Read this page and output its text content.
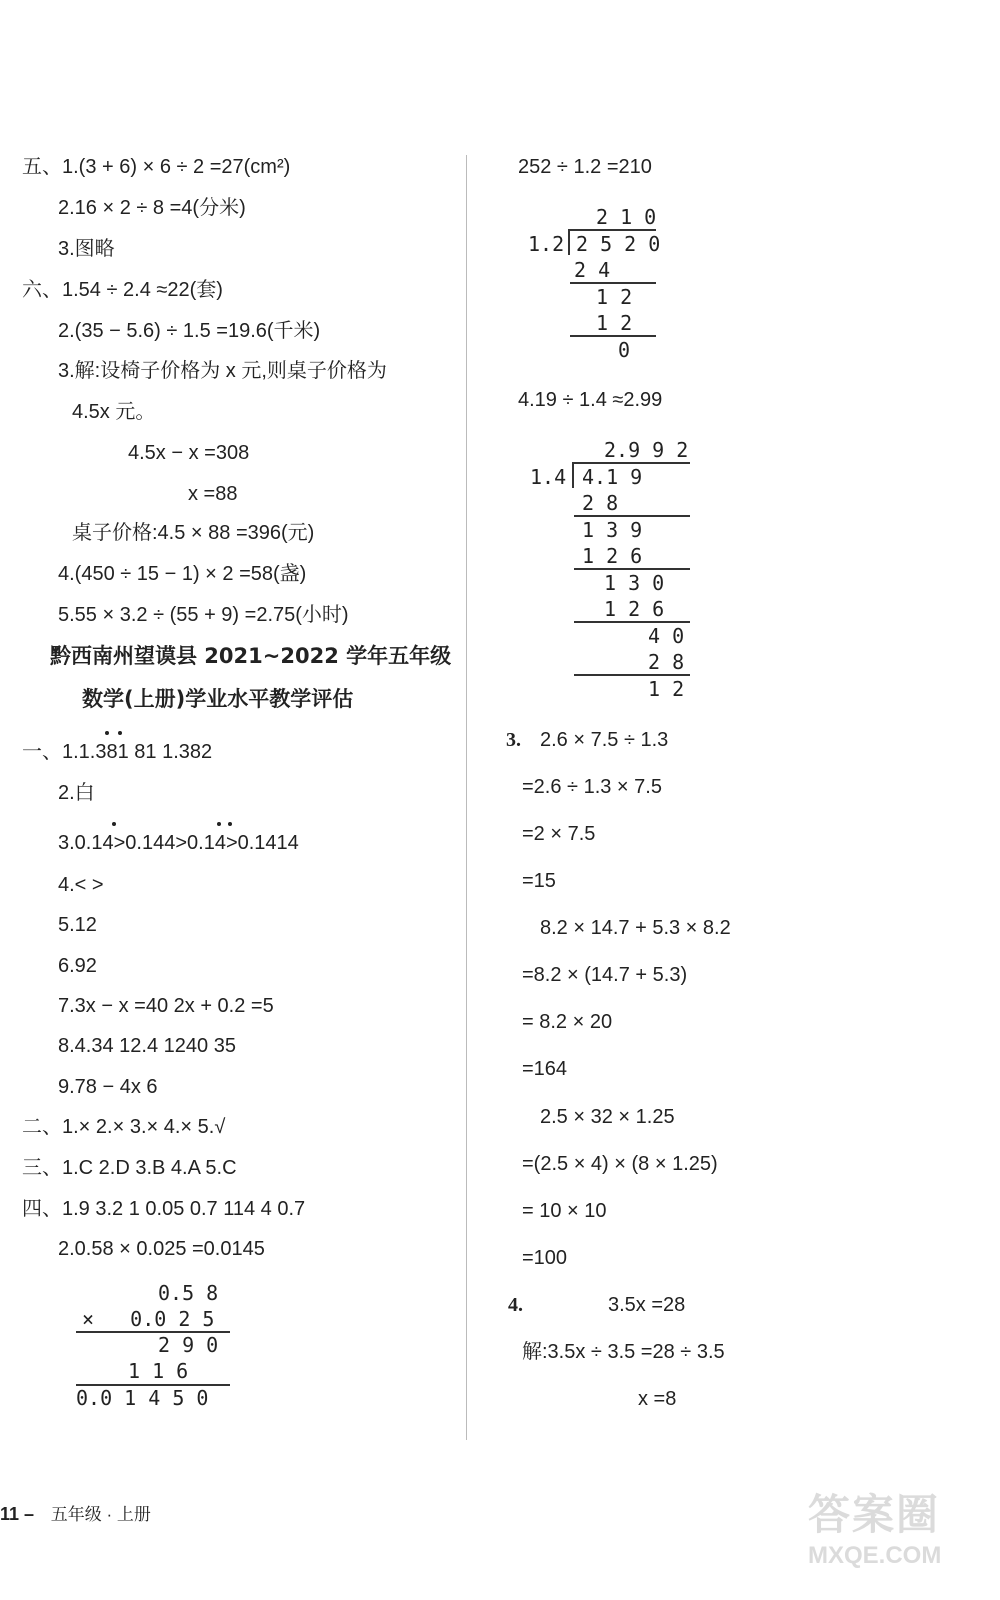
五、1.(3 + 6) × 6 ÷ 2 =27(cm²)
2.16 × 2 ÷ 8 =4(分米)
3.图略
六、1.54 ÷ 2.4 ≈22(套)
2.(35 − 5.6) ÷ 1.5 =19.6(千米)
3.解:设椅子价格为 x 元,则桌子价格为
4.5x 元。
4.5x − x =308
x =88
桌子价格:4.5 × 88 =396(元)
4.(450 ÷ 15 − 1) × 2 =58(盏)
5.55 × 3.2 ÷ (55 + 9) =2.75(小时)
黔西南州望谟县 2021~2022 学年五年级
数学(上册)学业水平教学评估
一、1.1.381 81 1.382
2.白
3.0.14>0.144>0.14>0.1414
4.< >
5.12
6.92
7.3x − x =40 2x + 0.2 =5
8.4.34 12.4 1240 35
9.78 − 4x 6
二、1.× 2.× 3.× 4.× 5.√
三、1.C 2.D 3.B 4.A 5.C
四、1.9 3.2 1 0.05 0.7 114 4 0.7
2.0.58 × 0.025 =0.0145
0.5 8
×   0.0 2 5
2 9 0
1 1 6
0.0 1 4 5 0
252 ÷ 1.2 =210
2 1 0
1.2 2 5 2 0
2 4
1 2
1 2
0
4.19 ÷ 1.4 ≈2.99
2.9 9 2
1.4 4.1 9
2 8
1 3 9
1 2 6
1 3 0
1 2 6
4 0
2 8
1 2
3. 2.6 × 7.5 ÷ 1.3
=2.6 ÷ 1.3 × 7.5
=2 × 7.5
=15
8.2 × 14.7 + 5.3 × 8.2
=8.2 × (14.7 + 5.3)
= 8.2 × 20
=164
2.5 × 32 × 1.25
=(2.5 × 4) × (8 × 1.25)
= 10 × 10
=100
4.	3.5x =28
解:3.5x ÷ 3.5 =28 ÷ 3.5
x =8
11 – 五年级 · 上册	答案圈
MXQE.COM
